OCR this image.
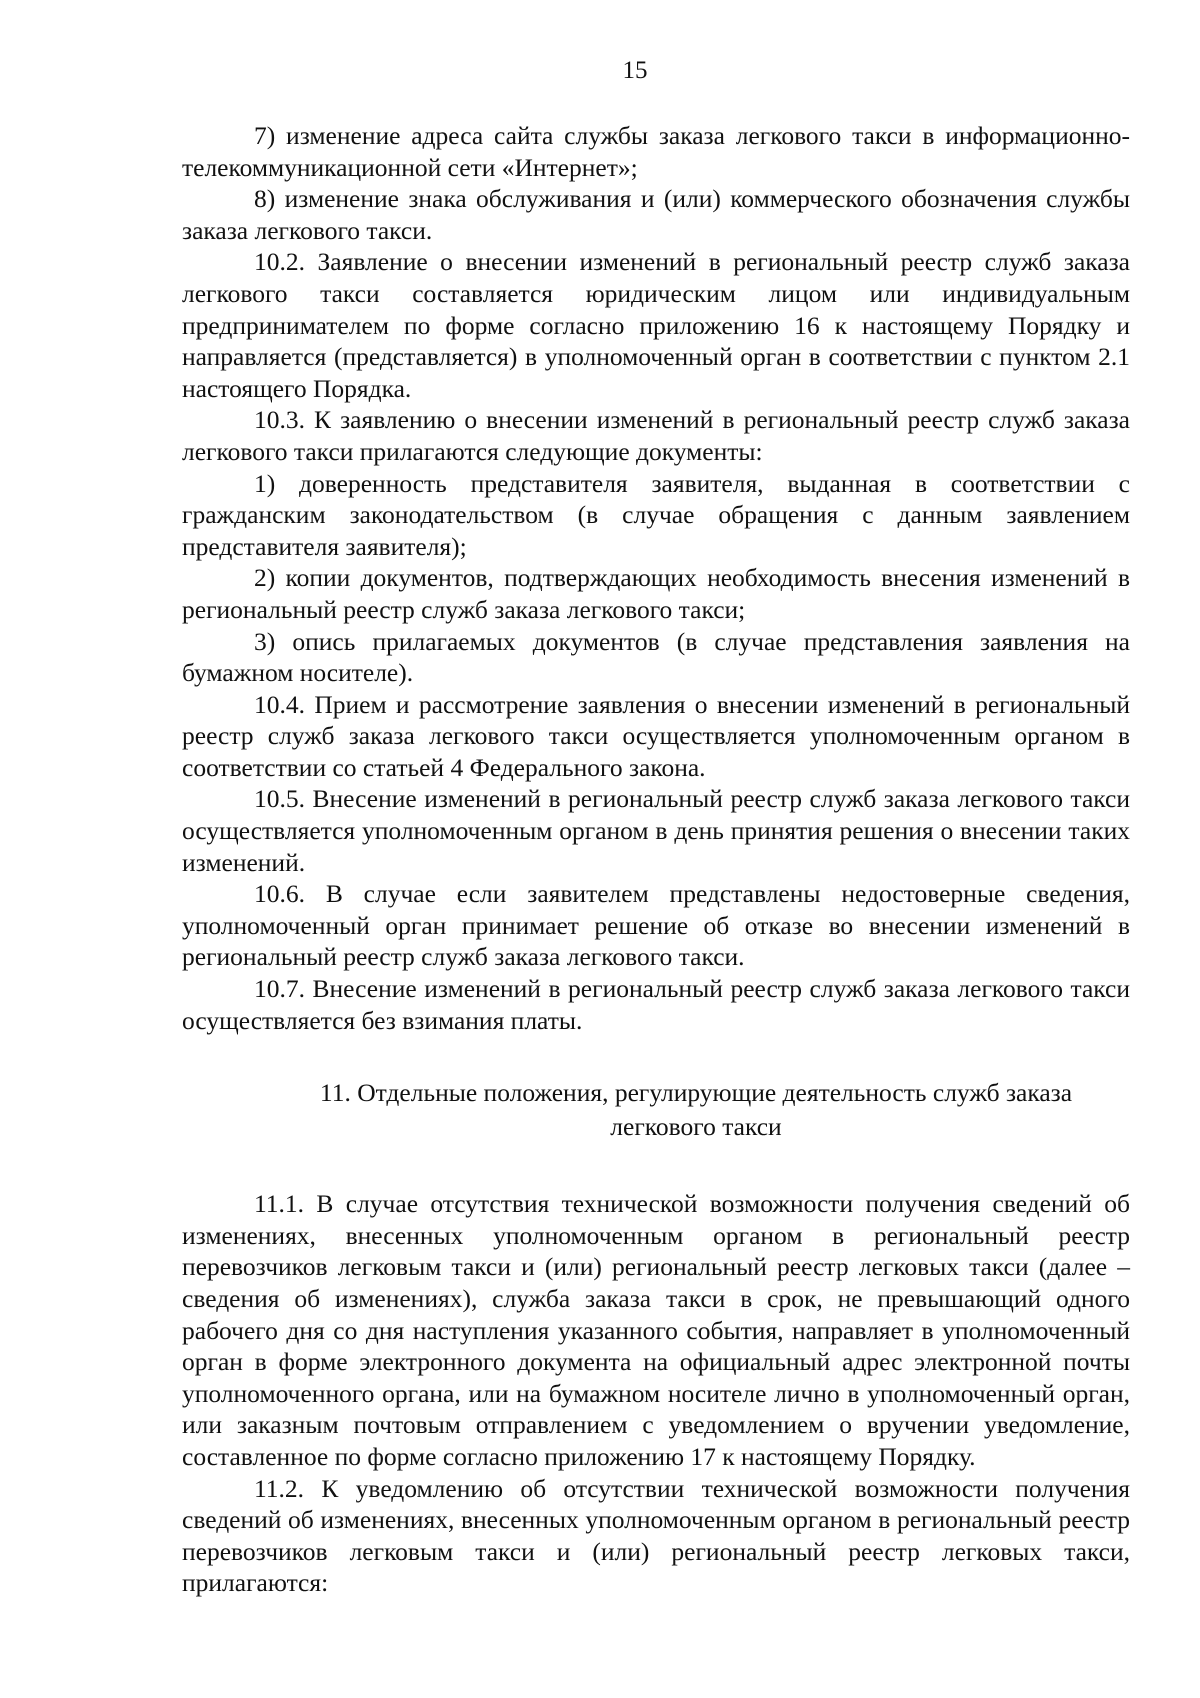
15

7) изменение адреса сайта службы заказа легкового такси в информационно-телекоммуникационной сети «Интернет»;

8) изменение знака обслуживания и (или) коммерческого обозначения службы заказа легкового такси.

10.2. Заявление о внесении изменений в региональный реестр служб заказа легкового такси составляется юридическим лицом или индивидуальным предпринимателем по форме согласно приложению 16 к настоящему Порядку и направляется (представляется) в уполномоченный орган в соответствии с пунктом 2.1 настоящего Порядка.

10.3. К заявлению о внесении изменений в региональный реестр служб заказа легкового такси прилагаются следующие документы:

1) доверенность представителя заявителя, выданная в соответствии с гражданским законодательством (в случае обращения с данным заявлением представителя заявителя);

2) копии документов, подтверждающих необходимость внесения изменений в региональный реестр служб заказа легкового такси;

3) опись прилагаемых документов (в случае представления заявления на бумажном носителе).

10.4. Прием и рассмотрение заявления о внесении изменений в региональный реестр служб заказа легкового такси осуществляется уполномоченным органом в соответствии со статьей 4 Федерального закона.

10.5. Внесение изменений в региональный реестр служб заказа легкового такси осуществляется уполномоченным органом в день принятия решения о внесении таких изменений.

10.6. В случае если заявителем представлены недостоверные сведения, уполномоченный орган принимает решение об отказе во внесении изменений в региональный реестр служб заказа легкового такси.

10.7. Внесение изменений в региональный реестр служб заказа легкового такси осуществляется без взимания платы.

11. Отдельные положения, регулирующие деятельность служб заказа
легкового такси

11.1. В случае отсутствия технической возможности получения сведений об изменениях, внесенных уполномоченным органом в региональный реестр перевозчиков легковым такси и (или) региональный реестр легковых такси (далее – сведения об изменениях), служба заказа такси в срок, не превышающий одного рабочего дня со дня наступления указанного события, направляет в уполномоченный орган в форме электронного документа на официальный адрес электронной почты уполномоченного органа, или на бумажном носителе лично в уполномоченный орган, или заказным почтовым отправлением с уведомлением о вручении уведомление, составленное по форме согласно приложению 17 к настоящему Порядку.

11.2. К уведомлению об отсутствии технической возможности получения сведений об изменениях, внесенных уполномоченным органом в региональный реестр перевозчиков легковым такси и (или) региональный реестр легковых такси, прилагаются:
